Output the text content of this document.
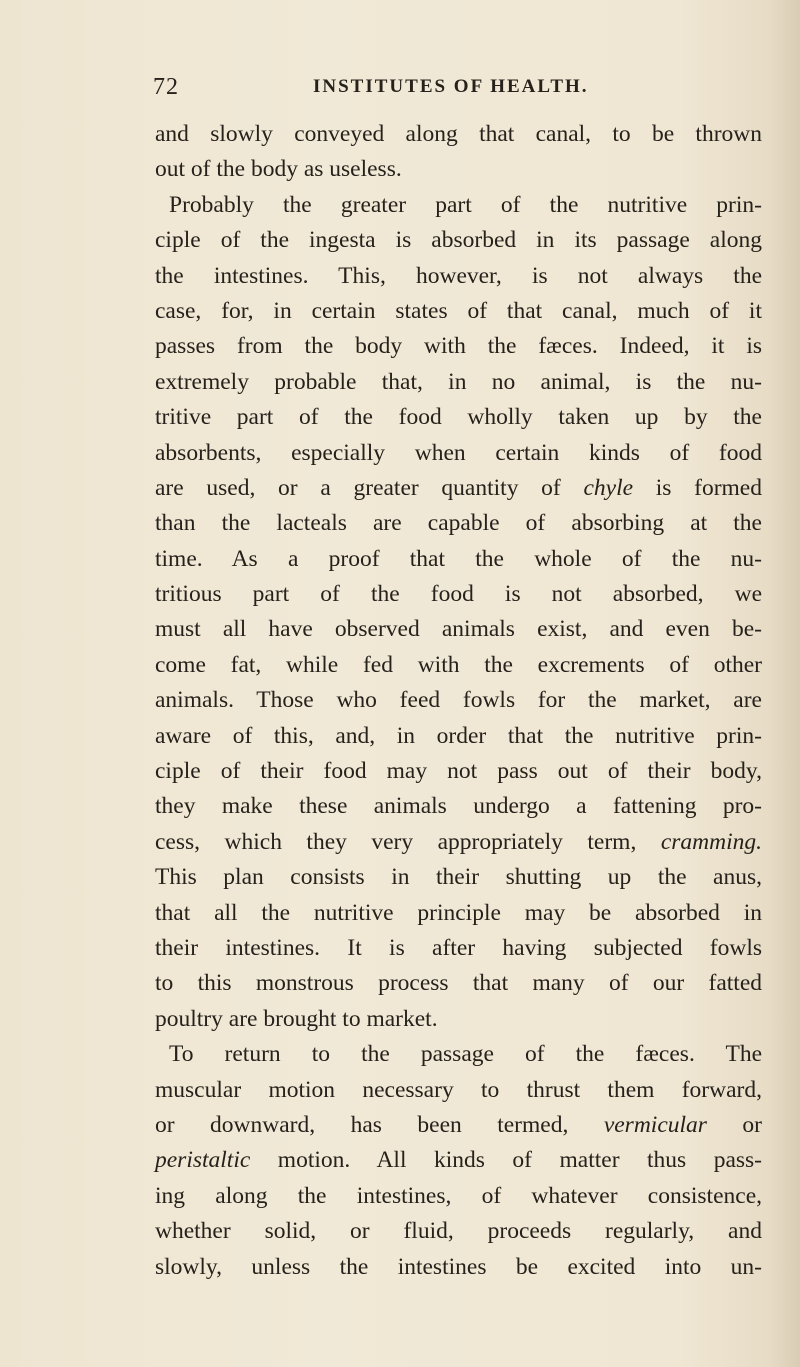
72	INSTITUTES OF HEALTH.
and slowly conveyed along that canal, to be thrown
out of the body as useless.
Probably the greater part of the nutritive prin-
ciple of the ingesta is absorbed in its passage along
the intestines. This, however, is not always the
case, for, in certain states of that canal, much of it
passes from the body with the fæces. Indeed, it is
extremely probable that, in no animal, is the nu-
tritive part of the food wholly taken up by the
absorbents, especially when certain kinds of food
are used, or a greater quantity of chyle is formed
than the lacteals are capable of absorbing at the
time. As a proof that the whole of the nu-
tritious part of the food is not absorbed, we
must all have observed animals exist, and even be-
come fat, while fed with the excrements of other
animals. Those who feed fowls for the market, are
aware of this, and, in order that the nutritive prin-
ciple of their food may not pass out of their body,
they make these animals undergo a fattening pro-
cess, which they very appropriately term, cramming.
This plan consists in their shutting up the anus,
that all the nutritive principle may be absorbed in
their intestines. It is after having subjected fowls
to this monstrous process that many of our fatted
poultry are brought to market.
To return to the passage of the fæces. The
muscular motion necessary to thrust them forward,
or downward, has been termed, vermicular or
peristaltic motion. All kinds of matter thus pass-
ing along the intestines, of whatever consistence,
whether solid, or fluid, proceeds regularly, and
slowly, unless the intestines be excited into un-
